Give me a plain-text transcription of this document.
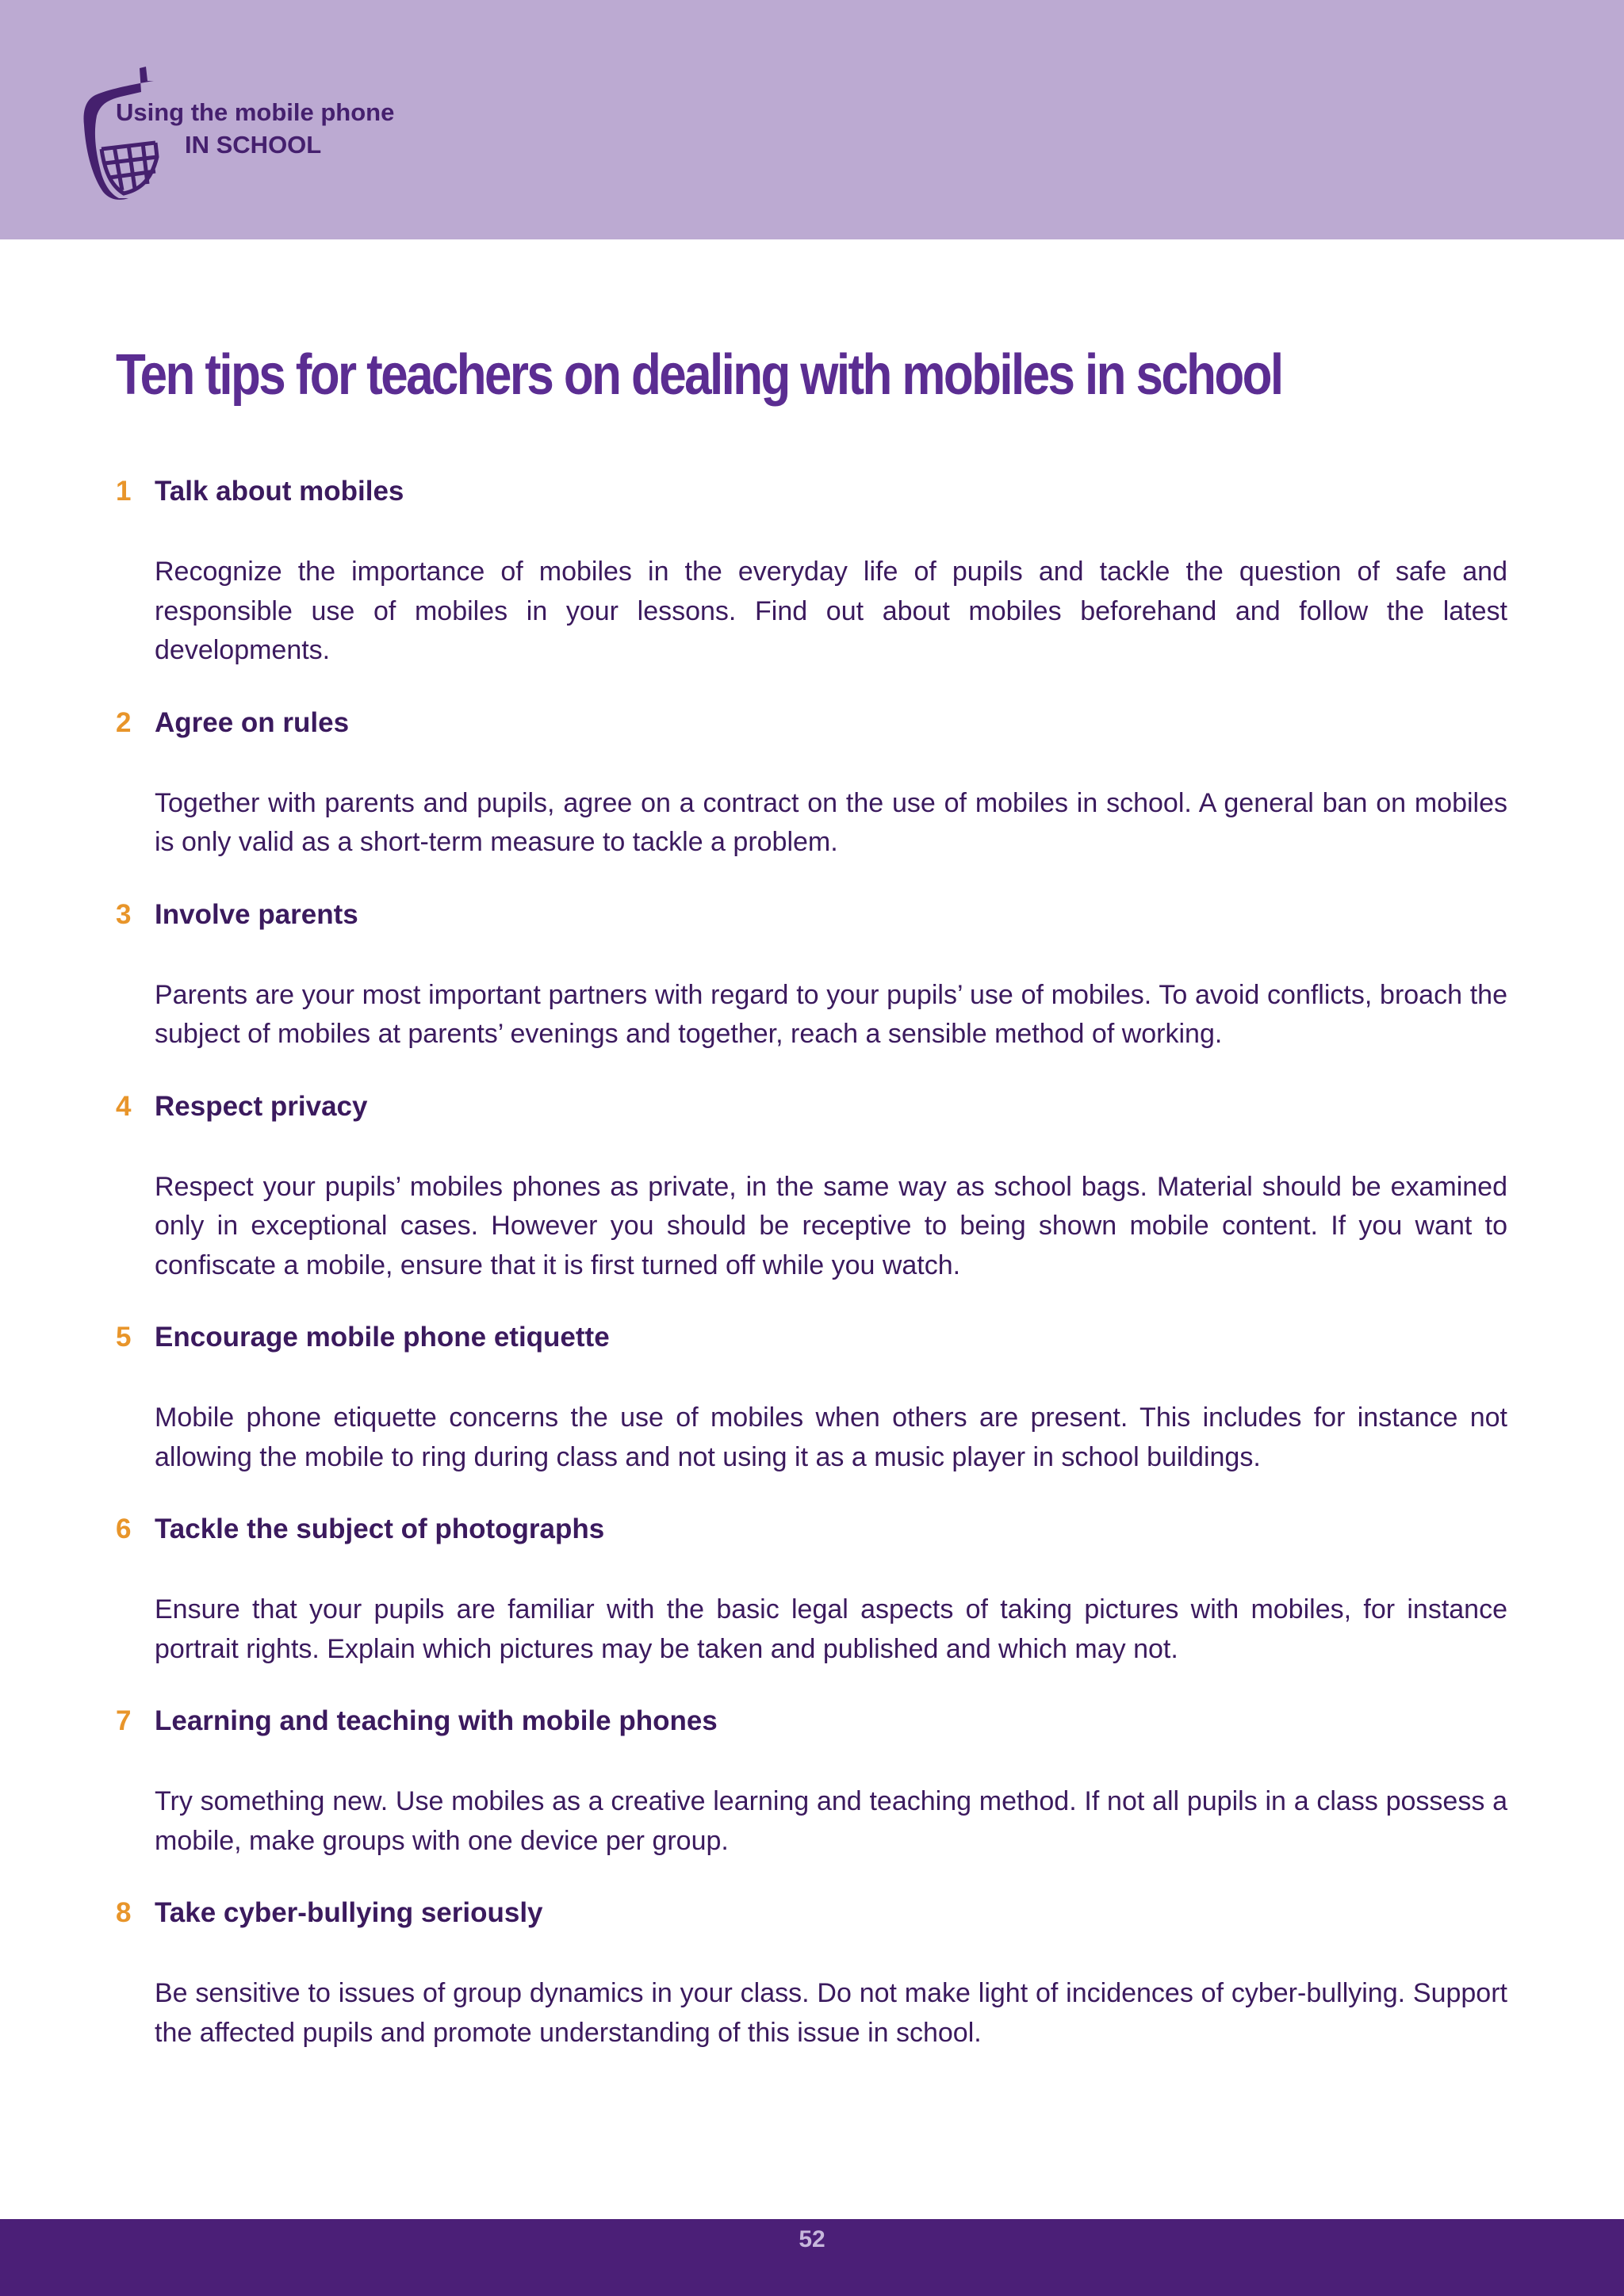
Using the mobile phone
IN SCHOOL
Ten tips for teachers on dealing with mobiles in school
1 Talk about mobiles

Recognize the importance of mobiles in the everyday life of pupils and tackle the question of safe and responsible use of mobiles in your lessons. Find out about mobiles beforehand and follow the latest developments.

2 Agree on rules

Together with parents and pupils, agree on a contract on the use of mobiles in school. A general ban on mobiles is only valid as a short-term measure to tackle a problem.

3 Involve parents

Parents are your most important partners with regard to your pupils’ use of mobiles. To avoid conflicts, broach the subject of mobiles at parents’ evenings and together, reach a sensible method of working.

4 Respect privacy

Respect your pupils’ mobiles phones as private, in the same way as school bags. Material should be examined only in exceptional cases. However you should be receptive to being shown mobile content. If you want to confiscate a mobile, ensure that it is first turned off while you watch.

5 Encourage mobile phone etiquette

Mobile phone etiquette concerns the use of mobiles when others are present. This includes for instance not allowing the mobile to ring during class and not using it as a music player in school buildings.

6 Tackle the subject of photographs

Ensure that your pupils are familiar with the basic legal aspects of taking pictures with mobiles, for instance portrait rights. Explain which pictures may be taken and published and which may not.

7 Learning and teaching with mobile phones

Try something new. Use mobiles as a creative learning and teaching method. If not all pupils in a class possess a mobile, make groups with one device per group.

8 Take cyber-bullying seriously

Be sensitive to issues of group dynamics in your class. Do not make light of incidences of cyber-bullying. Support the affected pupils and promote understanding of this issue in school.

52
